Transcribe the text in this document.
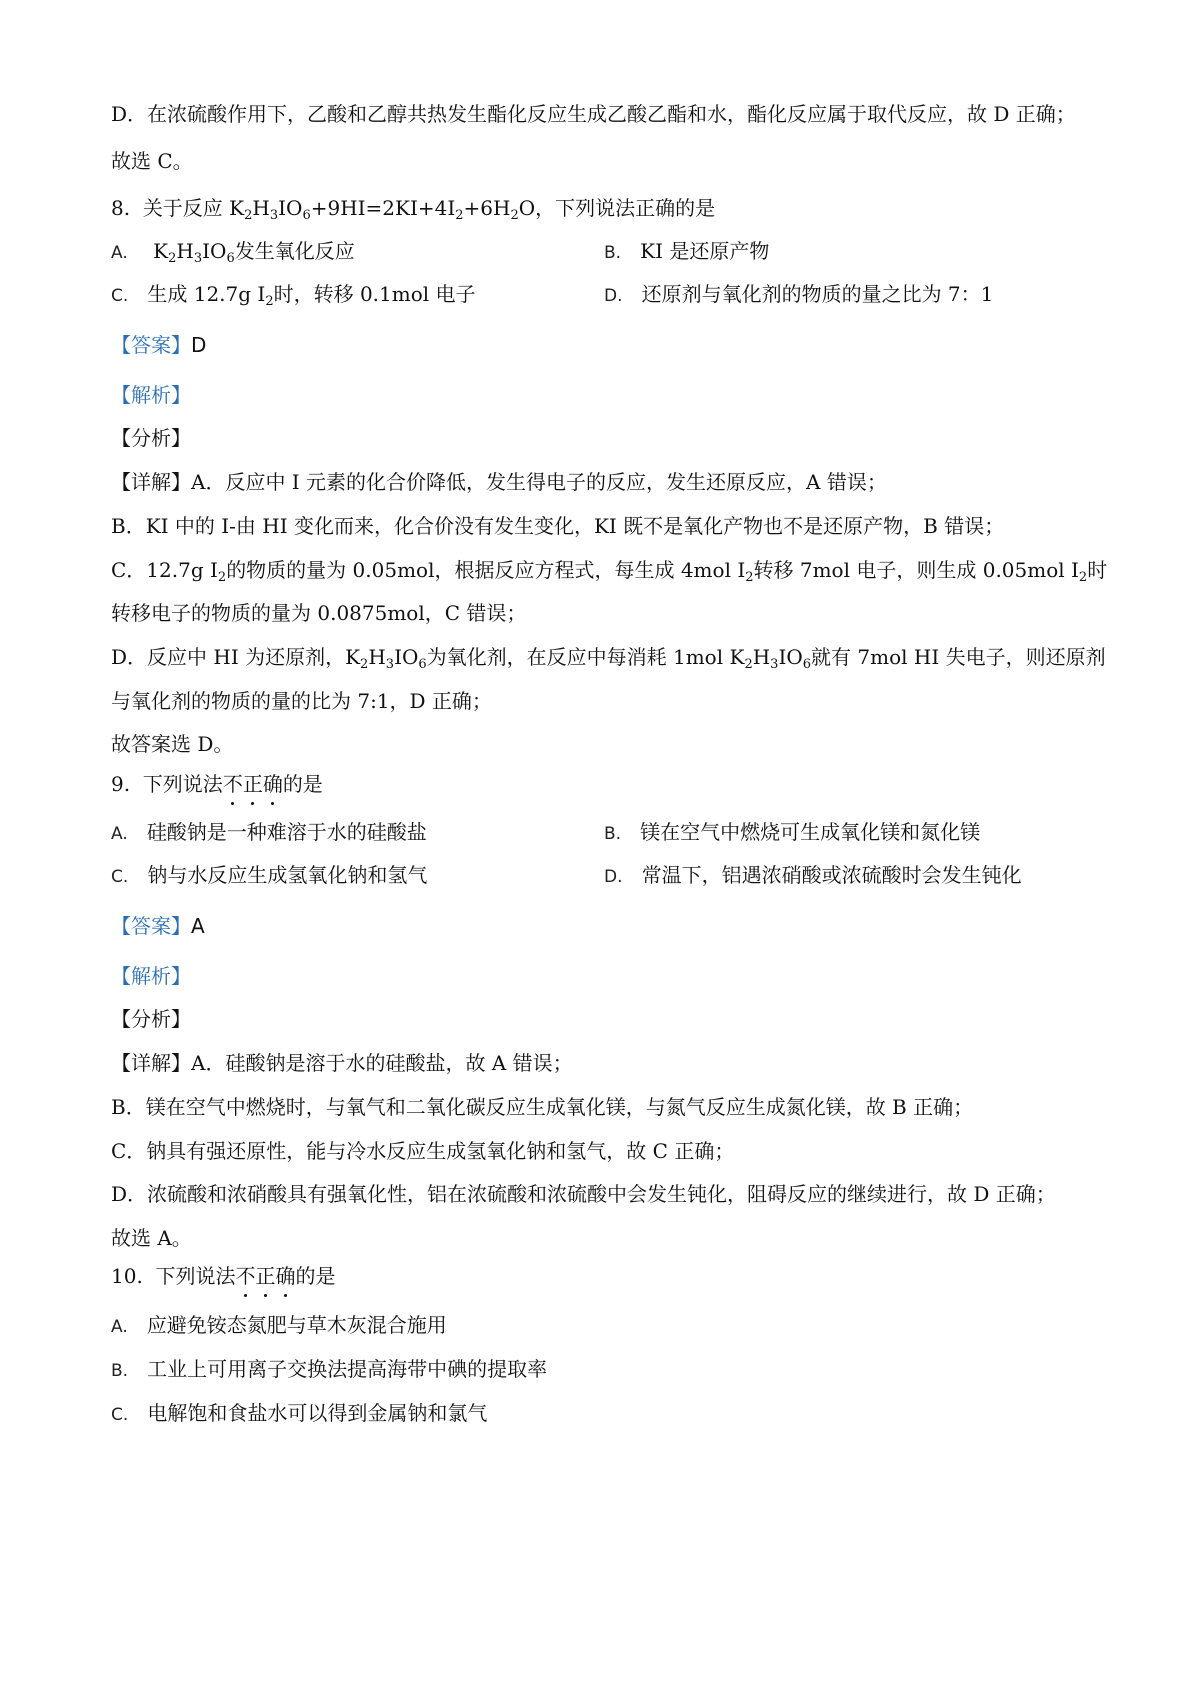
D．在浓硫酸作用下，乙酸和乙醇共热发生酯化反应生成乙酸乙酯和水，酯化反应属于取代反应，故 D 正确；
故选 C。
8. 关于反应 $K_2H_3IO_6+9HI=2KI+4I_2+6H_2O$，下列说法正确的是
A. $K_2H_3IO_6$发生氧化反应	B. KI 是还原产物
C. 生成 12.7g $I_2$时，转移 0.1mol 电子	D. 还原剂与氧化剂的物质的量之比为 7：1
【答案】D
【解析】
【分析】
【详解】A．反应中 I 元素的化合价降低，发生得电子的反应，发生还原反应，A 错误；
B．KI 中的 I-由 HI 变化而来，化合价没有发生变化，KI 既不是氧化产物也不是还原产物，B 错误；
C．12.7g $I_2$的物质的量为 0.05mol，根据反应方程式，每生成 4mol $I_2$转移 7mol 电子，则生成 0.05mol $I_2$时
转移电子的物质的量为 0.0875mol，C 错误；
D．反应中 HI 为还原剂，$K_2H_3IO_6$为氧化剂，在反应中每消耗 1mol $K_2H_3IO_6$就有 7mol HI 失电子，则还原剂
与氧化剂的物质的量的比为 7:1，D 正确；
故答案选 D。
9. 下列说法不正确的是
A. 硅酸钠是一种难溶于水的硅酸盐	B. 镁在空气中燃烧可生成氧化镁和氮化镁
C. 钠与水反应生成氢氧化钠和氢气	D. 常温下，铝遇浓硝酸或浓硫酸时会发生钝化
【答案】A
【解析】
【分析】
【详解】A．硅酸钠是溶于水的硅酸盐，故 A 错误；
B．镁在空气中燃烧时，与氧气和二氧化碳反应生成氧化镁，与氮气反应生成氮化镁，故 B 正确；
C．钠具有强还原性，能与冷水反应生成氢氧化钠和氢气，故 C 正确；
D．浓硫酸和浓硝酸具有强氧化性，铝在浓硫酸和浓硫酸中会发生钝化，阻碍反应的继续进行，故 D 正确；
故选 A。
10. 下列说法不正确的是
A. 应避免铵态氮肥与草木灰混合施用
B. 工业上可用离子交换法提高海带中碘的提取率
C. 电解饱和食盐水可以得到金属钠和氯气
